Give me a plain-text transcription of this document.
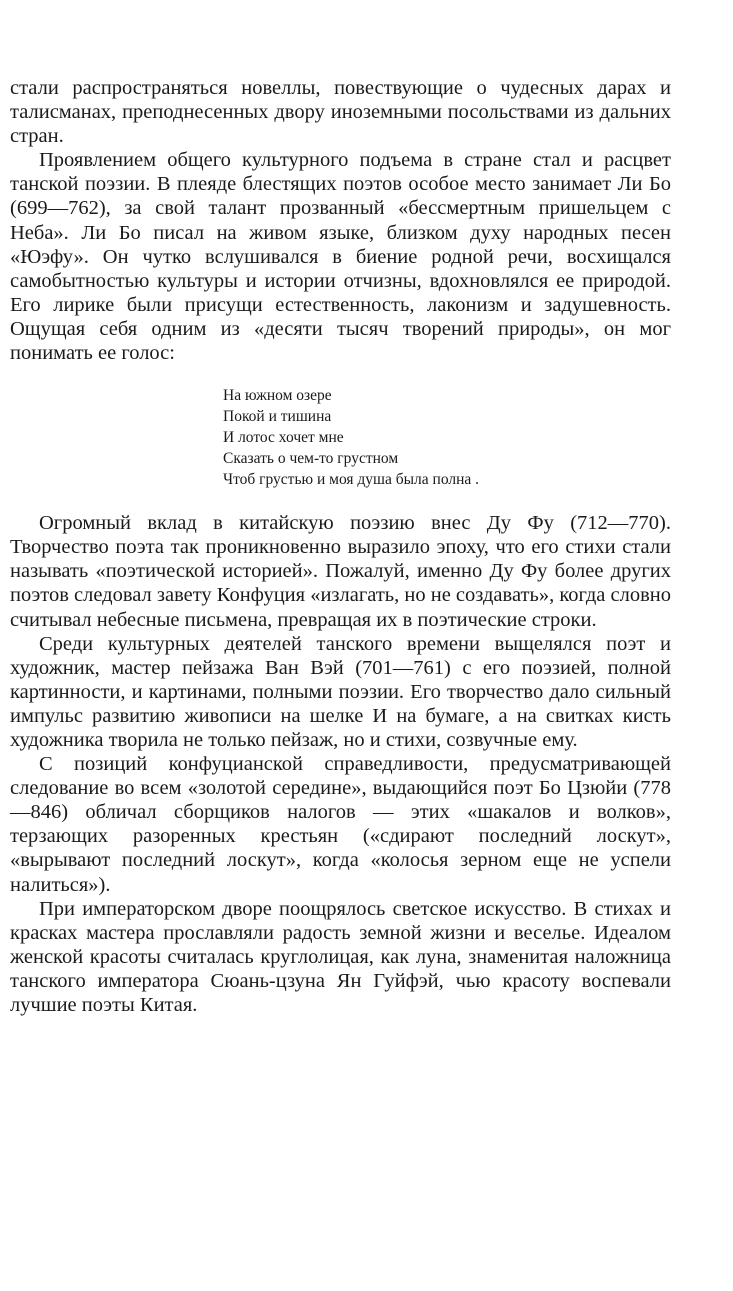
стали распространяться новеллы, повествующие о чудесных дарах и талисманах, преподнесенных двору иноземными посольствами из дальних стран.

Проявлением общего культурного подъема в стране стал и расцвет танской поэзии. В плеяде блестящих поэтов особое место занимает Ли Бо (699—762), за свой талант прозванный «бессмертным пришельцем с Неба». Ли Бо писал на живом языке, близком духу народных песен «Юэфу». Он чутко вслушивался в биение родной речи, восхищался самобытностью культуры и истории отчизны, вдохновлялся ее природой. Его лирике были присущи естественность, лаконизм и задушевность. Ощущая себя одним из «десяти тысяч творений природы», он мог понимать ее голос:

На южном озере
Покой и тишина
И лотос хочет мне
Сказать о чем-то грустном
Чтоб грустью и моя душа была полна .

Огромный вклад в китайскую поэзию внес Ду Фу (712—770). Творчество поэта так проникновенно выразило эпоху, что его стихи стали называть «поэтической историей». Пожалуй, именно Ду Фу более других поэтов следовал завету Конфуция «излагать, но не создавать», когда словно считывал небесные письмена, превращая их в поэтические строки.

Среди культурных деятелей танского времени выщелялся поэт и художник, мастер пейзажа Ван Вэй (701—761) с его поэзией, полной картинности, и картинами, полными поэзии. Его творчество дало сильный импульс развитию живописи на шелке И на бумаге, а на свитках кисть художника творила не только пейзаж, но и стихи, созвучные ему.

С позиций конфуцианской справедливости, предусматривающей следование во всем «золотой середине», выдающийся поэт Бо Цзюйи (778—846) обличал сборщиков налогов — этих «шакалов и волков», терзающих разоренных крестьян («сдирают последний лоскут», «вырывают последний лоскут», когда «колосья зерном еще не успели налиться»).

При императорском дворе поощрялось светское искусство. В стихах и красках мастера прославляли радость земной жизни и веселье. Идеалом женской красоты считалась круглолицая, как луна, знаменитая наложница танского императора Сюань-цзуна Ян Гуйфэй, чью красоту воспевали лучшие поэты Китая.
